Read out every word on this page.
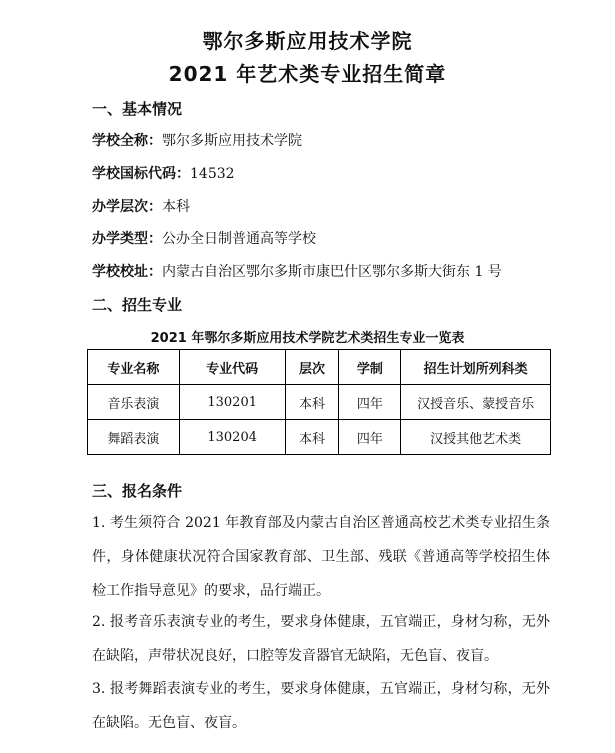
鄂尔多斯应用技术学院
2021 年艺术类专业招生简章
一、基本情况
学校全称：鄂尔多斯应用技术学院
学校国标代码：14532
办学层次：本科
办学类型：公办全日制普通高等学校
学校校址：内蒙古自治区鄂尔多斯市康巴什区鄂尔多斯大街东 1 号
二、招生专业
2021 年鄂尔多斯应用技术学院艺术类招生专业一览表
专业名称	专业代码	层次	学制	招生计划所列科类
音乐表演	130201	本科	四年	汉授音乐、蒙授音乐
舞蹈表演	130204	本科	四年	汉授其他艺术类
三、报名条件
1. 考生须符合 2021 年教育部及内蒙古自治区普通高校艺术类专业招生条件，身体健康状况符合国家教育部、卫生部、残联《普通高等学校招生体检工作指导意见》的要求，品行端正。
2. 报考音乐表演专业的考生，要求身体健康，五官端正，身材匀称，无外在缺陷，声带状况良好，口腔等发音器官无缺陷，无色盲、夜盲。
3. 报考舞蹈表演专业的考生，要求身体健康，五官端正，身材匀称，无外在缺陷。无色盲、夜盲。
